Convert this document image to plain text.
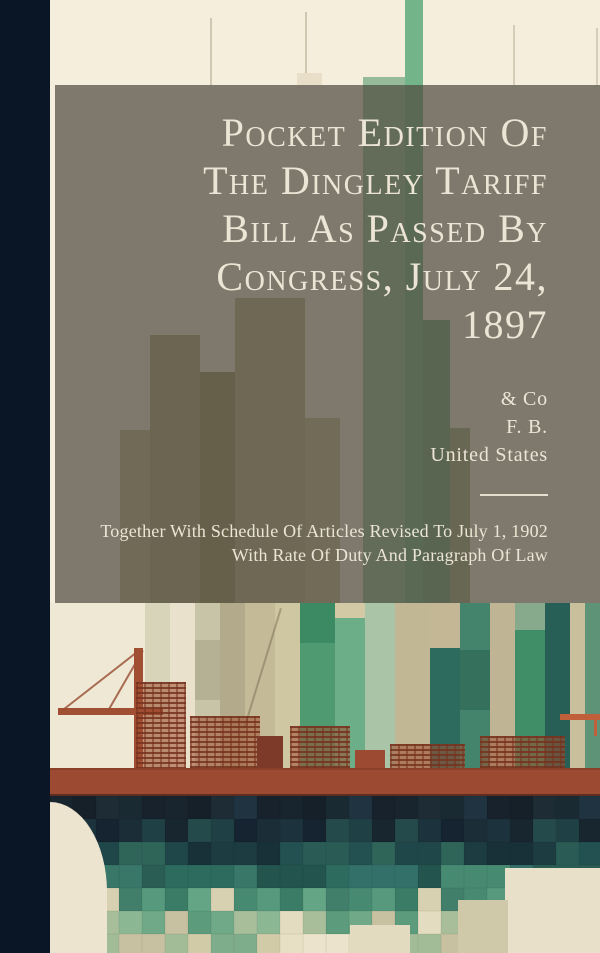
Pocket Edition Of
The Dingley Tariff
Bill As Passed By
Congress, July 24,
1897
& Co
F. B.
United States
Together With Schedule Of Articles Revised To July 1, 1902
With Rate Of Duty And Paragraph Of Law
